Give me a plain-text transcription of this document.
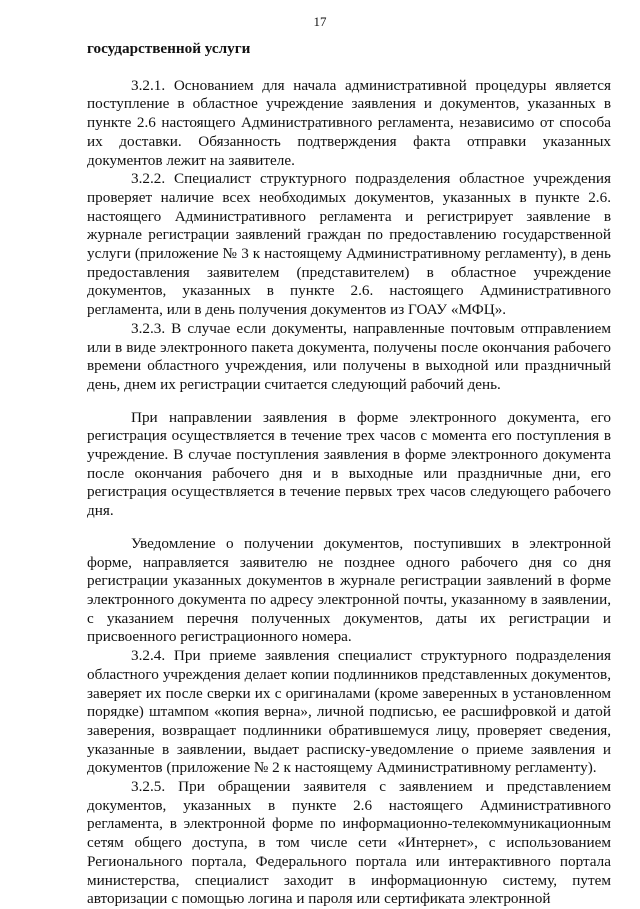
17
государственной услуги

3.2.1. Основанием для начала административной процедуры является поступление в областное учреждение заявления и документов, указанных в пункте 2.6 настоящего Административного регламента, независимо от способа их доставки. Обязанность подтверждения факта отправки указанных документов лежит на заявителе.

3.2.2. Специалист структурного подразделения областное учреждения проверяет наличие всех необходимых документов, указанных в пункте 2.6. настоящего Административного регламента и регистрирует заявление в журнале регистрации заявлений граждан по предоставлению государственной услуги (приложение № 3 к настоящему Административному регламенту), в день предоставления заявителем (представителем) в областное учреждение документов, указанных в пункте 2.6. настоящего Административного регламента, или в день получения документов из ГОАУ «МФЦ».

3.2.3. В случае если документы, направленные почтовым отправлением или в виде электронного пакета документа, получены после окончания рабочего времени областного учреждения, или получены в выходной или праздничный день, днем их регистрации считается следующий рабочий день.

При направлении заявления в форме электронного документа, его регистрация осуществляется в течение трех часов с момента его поступления в учреждение. В случае поступления заявления в форме электронного документа после окончания рабочего дня и в выходные или праздничные дни, его регистрация осуществляется в течение первых трех часов следующего рабочего дня.

Уведомление о получении документов, поступивших в электронной форме, направляется заявителю не позднее одного рабочего дня со дня регистрации указанных документов в журнале регистрации заявлений в форме электронного документа по адресу электронной почты, указанному в заявлении, с указанием перечня полученных документов, даты их регистрации и присвоенного регистрационного номера.

3.2.4. При приеме заявления специалист структурного подразделения областного учреждения делает копии подлинников представленных документов, заверяет их после сверки их с оригиналами (кроме заверенных в установленном порядке) штампом «копия верна», личной подписью, ее расшифровкой и датой заверения, возвращает подлинники обратившемуся лицу, проверяет сведения, указанные в заявлении, выдает расписку-уведомление о приеме заявления и документов (приложение № 2 к настоящему Административному регламенту).

3.2.5. При обращении заявителя с заявлением и представлением документов, указанных в пункте 2.6 настоящего Административного регламента, в электронной форме по информационно-телекоммуникационным сетям общего доступа, в том числе сети «Интернет», с использованием Регионального портала, Федерального портала или интерактивного портала министерства, специалист заходит в информационную систему, путем авторизации с помощью логина и пароля или сертификата электронной
